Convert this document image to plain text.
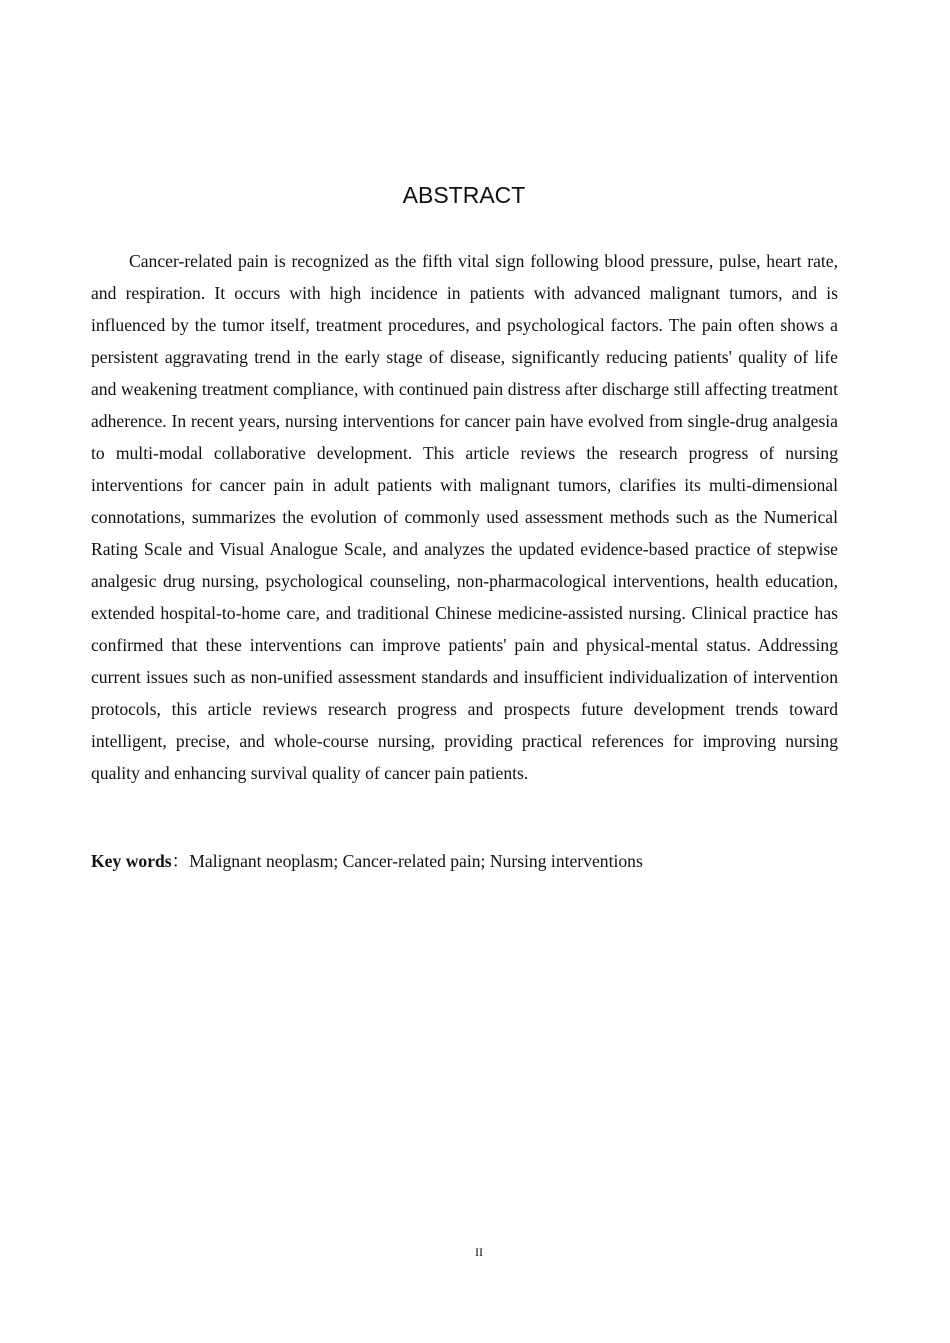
ABSTRACT

Cancer-related pain is recognized as the fifth vital sign following blood pressure, pulse, heart rate, and respiration. It occurs with high incidence in patients with advanced malignant tumors, and is influenced by the tumor itself, treatment procedures, and psychological factors. The pain often shows a persistent aggravating trend in the early stage of disease, significantly reducing patients' quality of life and weakening treatment compliance, with continued pain distress after discharge still affecting treatment adherence. In recent years, nursing interventions for cancer pain have evolved from single-drug analgesia to multi-modal collaborative development. This article reviews the research progress of nursing interventions for cancer pain in adult patients with malignant tumors, clarifies its multi-dimensional connotations, summarizes the evolution of commonly used assessment methods such as the Numerical Rating Scale and Visual Analogue Scale, and analyzes the updated evidence-based practice of stepwise analgesic drug nursing, psychological counseling, non-pharmacological interventions, health education, extended hospital-to-home care, and traditional Chinese medicine-assisted nursing. Clinical practice has confirmed that these interventions can improve patients' pain and physical-mental status. Addressing current issues such as non-unified assessment standards and insufficient individualization of intervention protocols, this article reviews research progress and prospects future development trends toward intelligent, precise, and whole-course nursing, providing practical references for improving nursing quality and enhancing survival quality of cancer pain patients.

Key words：Malignant neoplasm; Cancer-related pain; Nursing interventions

II
